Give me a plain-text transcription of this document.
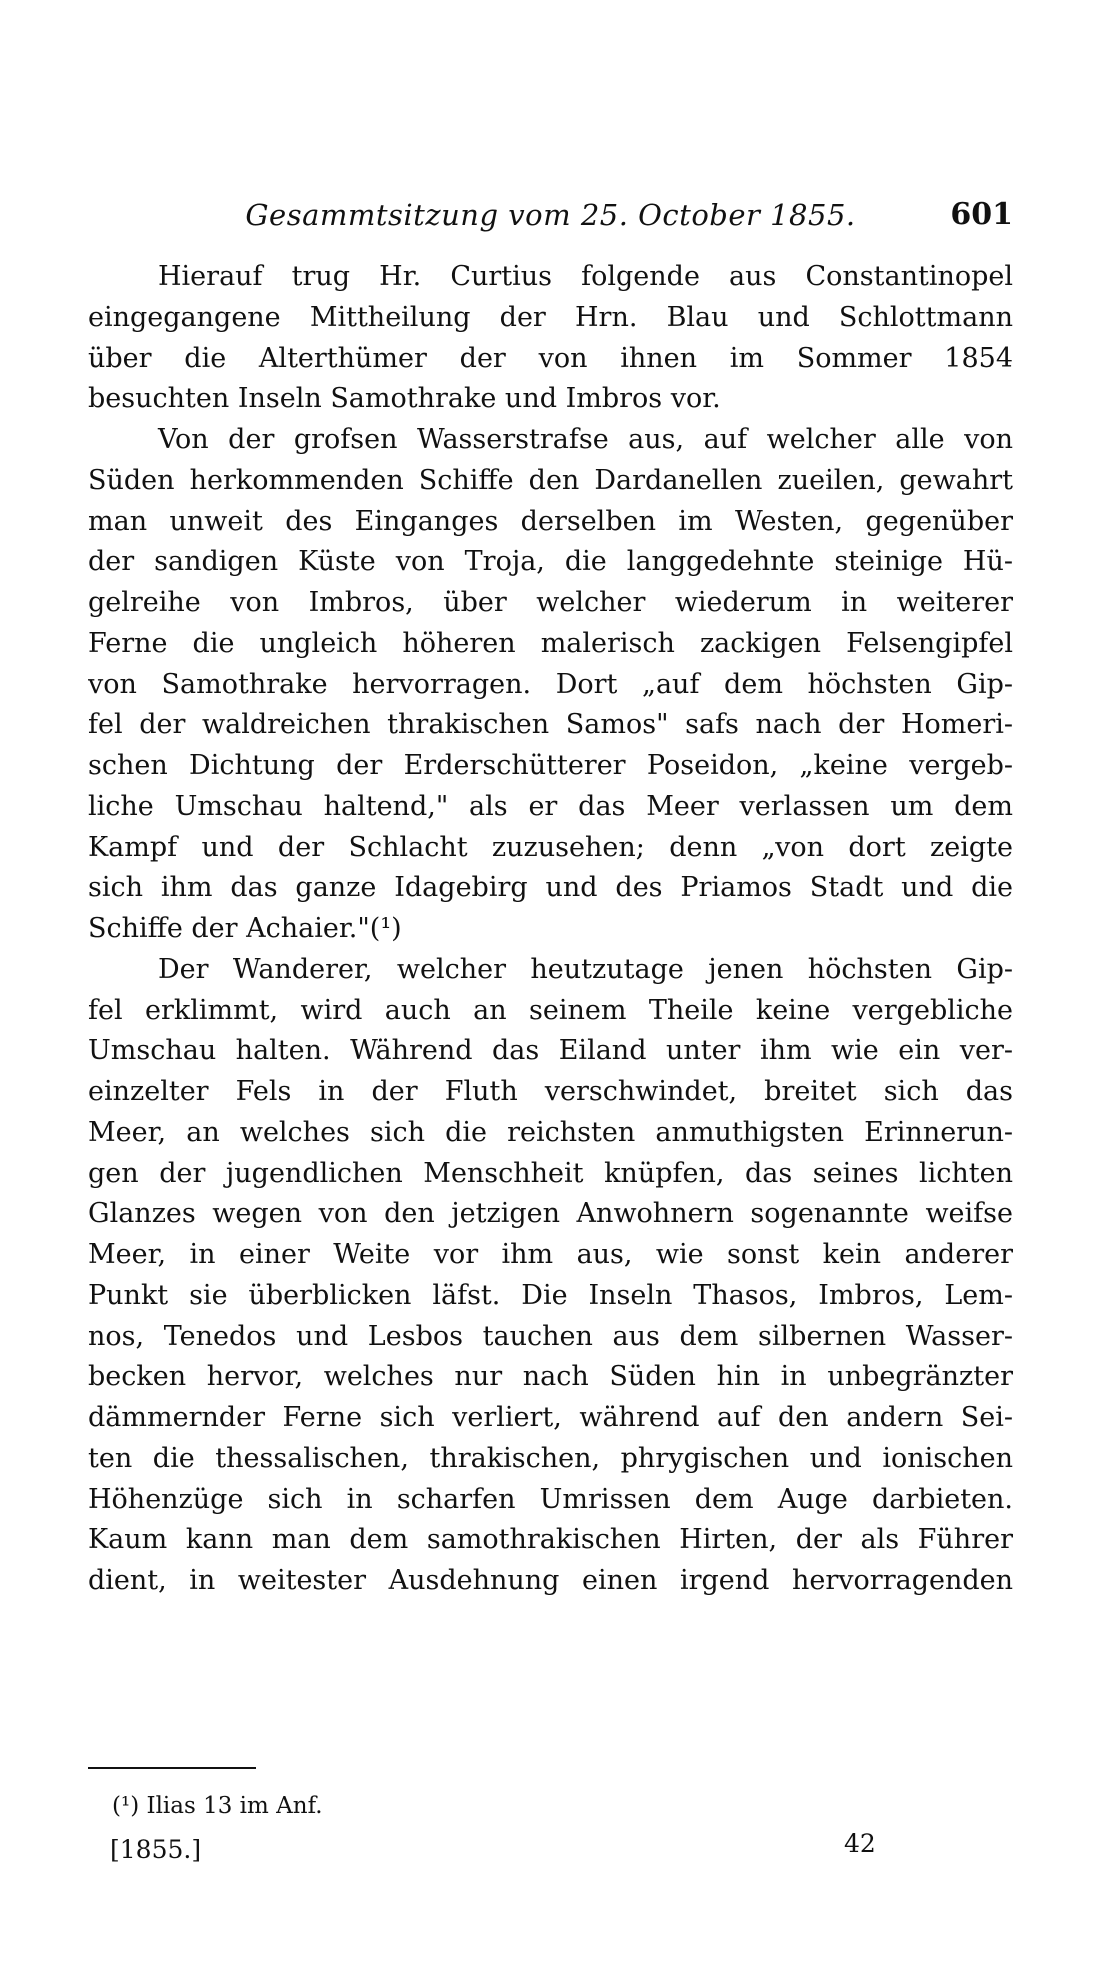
Gesammtsitzung vom 25. October 1855.	601
Hierauf trug Hr. Curtius folgende aus Constantinopel
eingegangene Mittheilung der Hrn. Blau und Schlottmann
über die Alterthümer der von ihnen im Sommer 1854
besuchten Inseln Samothrake und Imbros vor.
Von der grofsen Wasserstrafse aus, auf welcher alle von
Süden herkommenden Schiffe den Dardanellen zueilen, gewahrt
man unweit des Einganges derselben im Westen, gegenüber
der sandigen Küste von Troja, die langgedehnte steinige Hü-
gelreihe von Imbros, über welcher wiederum in weiterer
Ferne die ungleich höheren malerisch zackigen Felsengipfel
von Samothrake hervorragen. Dort „auf dem höchsten Gip-
fel der waldreichen thrakischen Samos" safs nach der Homeri-
schen Dichtung der Erderschütterer Poseidon, „keine vergeb-
liche Umschau haltend," als er das Meer verlassen um dem
Kampf und der Schlacht zuzusehen; denn „von dort zeigte
sich ihm das ganze Idagebirg und des Priamos Stadt und die
Schiffe der Achaier."(¹)
Der Wanderer, welcher heutzutage jenen höchsten Gip-
fel erklimmt, wird auch an seinem Theile keine vergebliche
Umschau halten. Während das Eiland unter ihm wie ein ver-
einzelter Fels in der Fluth verschwindet, breitet sich das
Meer, an welches sich die reichsten anmuthigsten Erinnerun-
gen der jugendlichen Menschheit knüpfen, das seines lichten
Glanzes wegen von den jetzigen Anwohnern sogenannte weifse
Meer, in einer Weite vor ihm aus, wie sonst kein anderer
Punkt sie überblicken läfst. Die Inseln Thasos, Imbros, Lem-
nos, Tenedos und Lesbos tauchen aus dem silbernen Wasser-
becken hervor, welches nur nach Süden hin in unbegränzter
dämmernder Ferne sich verliert, während auf den andern Sei-
ten die thessalischen, thrakischen, phrygischen und ionischen
Höhenzüge sich in scharfen Umrissen dem Auge darbieten.
Kaum kann man dem samothrakischen Hirten, der als Führer
dient, in weitester Ausdehnung einen irgend hervorragenden
(¹) Ilias 13 im Anf.
[1855.]	42
